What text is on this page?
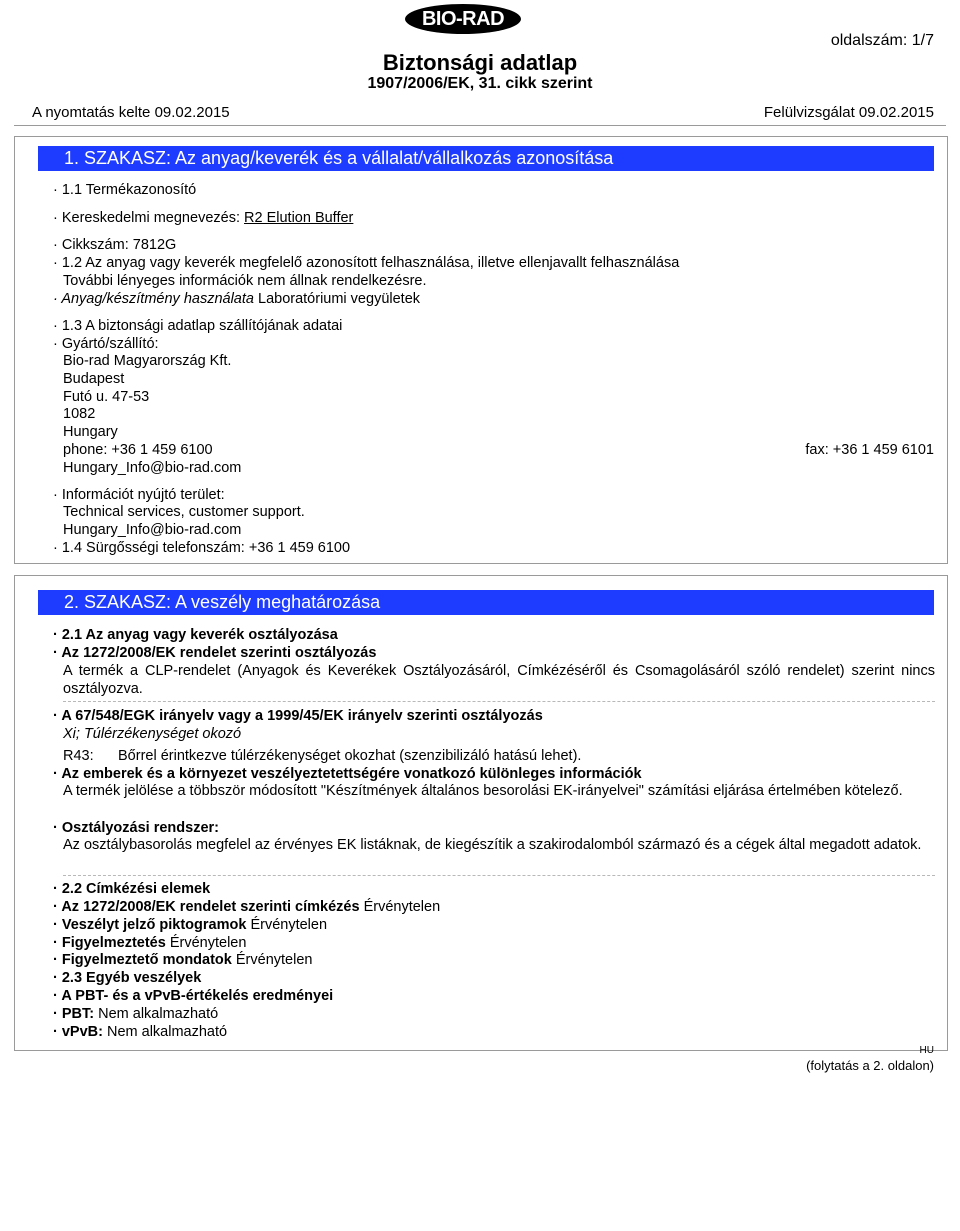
BIO-RAD
Biztonsági adatlap
1907/2006/EK, 31. cikk szerint
oldalszám: 1/7
A nyomtatás kelte 09.02.2015	Felülvizsgálat 09.02.2015
1. SZAKASZ: Az anyag/keverék és a vállalat/vállalkozás azonosítása
· 1.1 Termékazonosító
· Kereskedelmi megnevezés: R2 Elution Buffer
· Cikkszám: 7812G
· 1.2 Az anyag vagy keverék megfelelő azonosított felhasználása, illetve ellenjavallt felhasználása
További lényeges információk nem állnak rendelkezésre.
· Anyag/készítmény használata Laboratóriumi vegyületek
· 1.3 A biztonsági adatlap szállítójának adatai
· Gyártó/szállító:
Bio-rad Magyarország Kft.
Budapest
Futó u. 47-53
1082
Hungary
phone: +36 1 459 6100	fax: +36 1 459 6101
Hungary_Info@bio-rad.com
· Információt nyújtó terület:
Technical services, customer support.
Hungary_Info@bio-rad.com
· 1.4 Sürgősségi telefonszám: +36 1 459 6100
2. SZAKASZ: A veszély meghatározása
· 2.1 Az anyag vagy keverék osztályozása
· Az 1272/2008/EK rendelet szerinti osztályozás
A termék a CLP-rendelet (Anyagok és Keverékek Osztályozásáról, Címkézéséről és Csomagolásáról szóló rendelet) szerint nincs osztályozva.
· A 67/548/EGK irányelv vagy a 1999/45/EK irányelv szerinti osztályozás
Xi; Túlérzékenységet okozó
R43: Bőrrel érintkezve túlérzékenységet okozhat (szenzibilizáló hatású lehet).
· Az emberek és a környezet veszélyeztetettségére vonatkozó különleges információk
A termék jelölése a többször módosított "Készítmények általános besorolási EK-irányelvei" számítási eljárása értelmében kötelező.
· Osztályozási rendszer:
Az osztálybasorolás megfelel az érvényes EK listáknak, de kiegészítik a szakirodalomból származó és a cégek által megadott adatok.
· 2.2 Címkézési elemek
· Az 1272/2008/EK rendelet szerinti címkézés Érvénytelen
· Veszélyt jelző piktogramok Érvénytelen
· Figyelmeztetés Érvénytelen
· Figyelmeztető mondatok Érvénytelen
· 2.3 Egyéb veszélyek
· A PBT- és a vPvB-értékelés eredményei
· PBT: Nem alkalmazható
· vPvB: Nem alkalmazható
HU
(folytatás a 2. oldalon)
